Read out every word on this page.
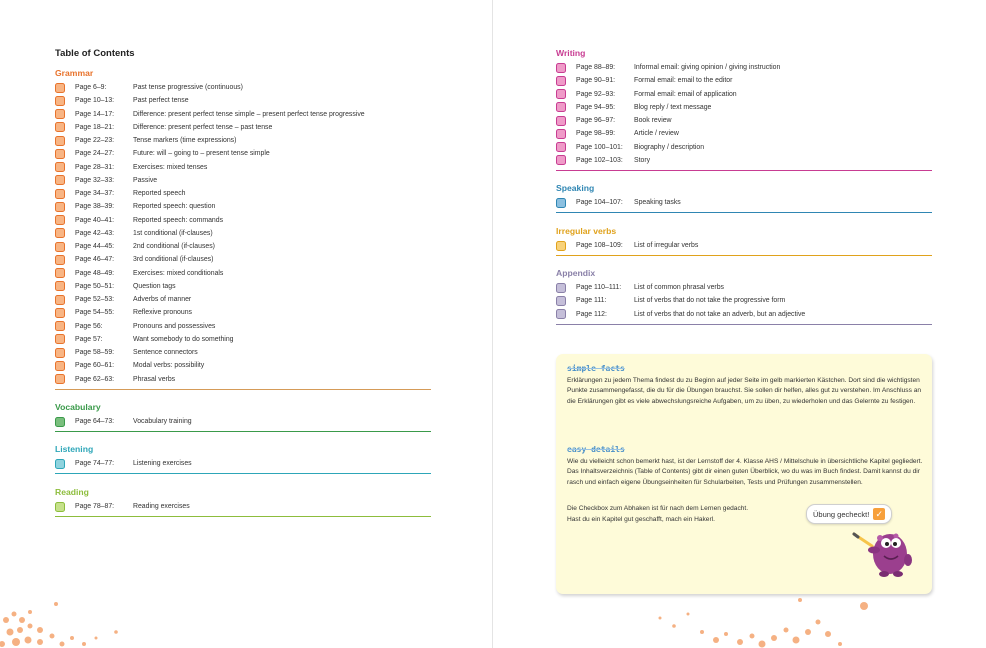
Table of Contents
Grammar
Page 6–9:	Past tense progressive (continuous)
Page 10–13:	Past perfect tense
Page 14–17:	Difference: present perfect tense simple – present perfect tense progressive
Page 18–21:	Difference: present perfect tense – past tense
Page 22–23:	Tense markers (time expressions)
Page 24–27:	Future: will – going to – present tense simple
Page 28–31:	Exercises: mixed tenses
Page 32–33:	Passive
Page 34–37:	Reported speech
Page 38–39:	Reported speech: question
Page 40–41:	Reported speech: commands
Page 42–43:	1st conditional (if-clauses)
Page 44–45:	2nd conditional (if-clauses)
Page 46–47:	3rd conditional (if-clauses)
Page 48–49:	Exercises: mixed conditionals
Page 50–51:	Question tags
Page 52–53:	Adverbs of manner
Page 54–55:	Reflexive pronouns
Page 56:	Pronouns and possessives
Page 57:	Want somebody to do something
Page 58–59:	Sentence connectors
Page 60–61:	Modal verbs: possibility
Page 62–63:	Phrasal verbs
Vocabulary
Page 64–73:	Vocabulary training
Listening
Page 74–77:	Listening exercises
Reading
Page 78–87:	Reading exercises
Writing
Page 88–89:	Informal email: giving opinion / giving instruction
Page 90–91:	Formal email: email to the editor
Page 92–93:	Formal email: email of application
Page 94–95:	Blog reply / text message
Page 96–97:	Book review
Page 98–99:	Article / review
Page 100–101:	Biography / description
Page 102–103:	Story
Speaking
Page 104–107:	Speaking tasks
Irregular verbs
Page 108–109:	List of irregular verbs
Appendix
Page 110–111:	List of common phrasal verbs
Page 111:	List of verbs that do not take the progressive form
Page 112:	List of verbs that do not take an adverb, but an adjective
simple facts
Erklärungen zu jedem Thema findest du zu Beginn auf jeder Seite im gelb markierten Kästchen. Dort sind die wichtigsten Punkte zusammengefasst, die du für die Übungen brauchst. Sie sollen dir helfen, alles gut zu verstehen. Im Anschluss an die Erklärungen gibt es viele abwechslungsreiche Aufgaben, um zu üben, zu wiederholen und das Gelernte zu festigen.
easy details
Wie du vielleicht schon bemerkt hast, ist der Lernstoff der 4. Klasse AHS / Mittelschule in übersichtliche Kapitel gegliedert. Das Inhaltsverzeichnis (Table of Contents) gibt dir einen guten Überblick, wo du was im Buch findest. Damit kannst du dir rasch und einfach eigene Übungseinheiten für Schularbeiten, Tests und Prüfungen zusammenstellen.
Die Checkbox zum Abhaken ist für nach dem Lernen gedacht.
Hast du ein Kapitel gut geschafft, mach ein Hakerl.
Übung gecheckt! ✓
